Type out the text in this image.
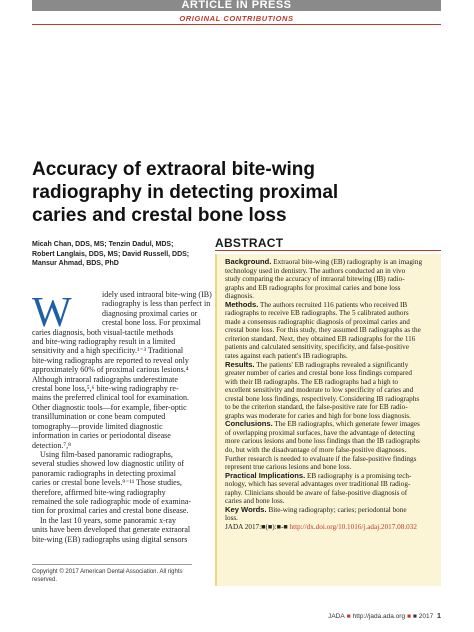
ARTICLE IN PRESS
ORIGINAL CONTRIBUTIONS
Accuracy of extraoral bite-wing
radiography in detecting proximal
caries and crestal bone loss
Micah Chan, DDS, MS; Tenzin Dadul, MDS;
Robert Langlais, DDS, MS; David Russell, DDS;
Mansur Ahmad, BDS, PhD
W	idely used intraoral bite-wing (IB)
radiography is less than perfect in
diagnosing proximal caries or
crestal bone loss. For proximal
caries diagnosis, both visual-tactile methods
and bite-wing radiography result in a limited
sensitivity and a high specificity.¹⁻³ Traditional
bite-wing radiographs are reported to reveal only
approximately 60% of proximal carious lesions.⁴
Although intraoral radiographs underestimate
crestal bone loss,⁵,⁶ bite-wing radiography re-
mains the preferred clinical tool for examination.
Other diagnostic tools—for example, fiber-optic
transillumination or cone beam computed
tomography—provide limited diagnostic
information in caries or periodontal disease
detection.⁷,⁸
Using film-based panoramic radiographs,
several studies showed low diagnostic utility of
panoramic radiographs in detecting proximal
caries or crestal bone levels.⁹⁻¹¹ Those studies,
therefore, affirmed bite-wing radiography
remained the sole radiographic mode of examina-
tion for proximal caries and crestal bone disease.
In the last 10 years, some panoramic x-ray
units have been developed that generate extraoral
bite-wing (EB) radiographs using digital sensors
Copyright © 2017 American Dental Association. All rights
reserved.
ABSTRACT
Background. Extraoral bite-wing (EB) radiography is an imaging
technology used in dentistry. The authors conducted an in vivo
study comparing the accuracy of intraoral bitewing (IB) radio-
graphs and EB radiographs for proximal caries and bone loss
diagnosis.
Methods. The authors recruited 116 patients who received IB
radiographs to receive EB radiographs. The 5 calibrated authors
made a consensus radiographic diagnosis of proximal caries and
crestal bone loss. For this study, they assumed IB radiographs as the
criterion standard. Next, they obtained EB radiographs for the 116
patients and calculated sensitivity, specificity, and false-positive
rates against each patient's IB radiographs.
Results. The patients' EB radiographs revealed a significantly
greater number of caries and crestal bone loss findings compared
with their IB radiographs. The EB radiographs had a high to
excellent sensitivity and moderate to low specificity of caries and
crestal bone loss findings, respectively. Considering IB radiographs
to be the criterion standard, the false-positive rate for EB radio-
graphs was moderate for caries and high for bone loss diagnosis.
Conclusions. The EB radiographs, which generate fewer images
of overlapping proximal surfaces, have the advantage of detecting
more carious lesions and bone loss findings than the IB radiographs
do, but with the disadvantage of more false-positive diagnoses.
Further research is needed to evaluate if the false-positive findings
represent true carious lesions and bone loss.
Practical Implications. EB radiography is a promising tech-
nology, which has several advantages over traditional IB radiog-
raphy. Clinicians should be aware of false-positive diagnosis of
caries and bone loss.
Key Words. Bite-wing radiography; caries; periodontal bone
loss.
JADA 2017:■(■):■-■ http://dx.doi.org/10.1016/j.adaj.2017.08.032
JADA ■ http://jada.ada.org ■ ■ 2017 1
